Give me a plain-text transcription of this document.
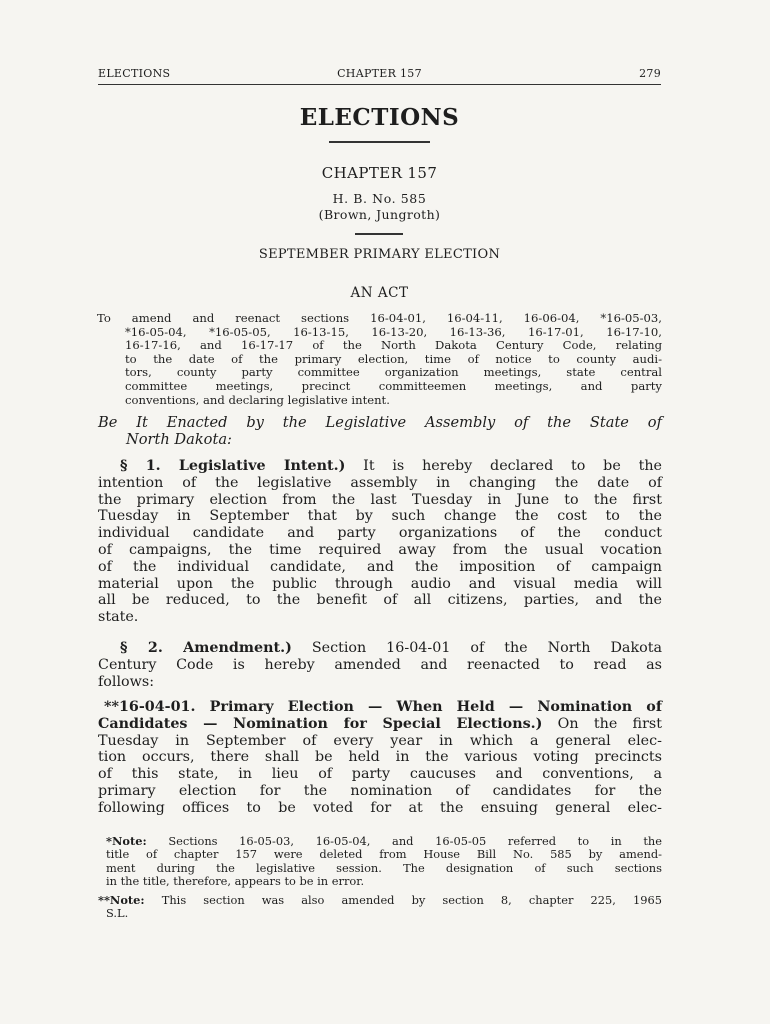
ELECTIONS	CHAPTER 157	279
ELECTIONS
CHAPTER 157
H. B. No. 585
(Brown, Jungroth)
SEPTEMBER PRIMARY ELECTION
AN ACT
To amend and reenact sections 16-04-01, 16-04-11, 16-06-04, *16-05-03,
*16-05-04, *16-05-05, 16-13-15, 16-13-20, 16-13-36, 16-17-01, 16-17-10,
16-17-16, and 16-17-17 of the North Dakota Century Code, relating
to the date of the primary election, time of notice to county audi-
tors, county party committee organization meetings, state central
committee meetings, precinct committeemen meetings, and party
conventions, and declaring legislative intent.
Be It Enacted by the Legislative Assembly of the State of
North Dakota:
§ 1. Legislative Intent.) It is hereby declared to be the
intention of the legislative assembly in changing the date of
the primary election from the last Tuesday in June to the first
Tuesday in September that by such change the cost to the
individual candidate and party organizations of the conduct
of campaigns, the time required away from the usual vocation
of the individual candidate, and the imposition of campaign
material upon the public through audio and visual media will
all be reduced, to the benefit of all citizens, parties, and the
state.
§ 2. Amendment.) Section 16-04-01 of the North Dakota
Century Code is hereby amended and reenacted to read as
follows:
**16-04-01. Primary Election — When Held — Nomination of
Candidates — Nomination for Special Elections.) On the first
Tuesday in September of every year in which a general elec-
tion occurs, there shall be held in the various voting precincts
of this state, in lieu of party caucuses and conventions, a
primary election for the nomination of candidates for the
following offices to be voted for at the ensuing general elec-
*Note: Sections 16-05-03, 16-05-04, and 16-05-05 referred to in the
title of chapter 157 were deleted from House Bill No. 585 by amend-
ment during the legislative session. The designation of such sections
in the title, therefore, appears to be in error.
**Note: This section was also amended by section 8, chapter 225, 1965
S.L.
